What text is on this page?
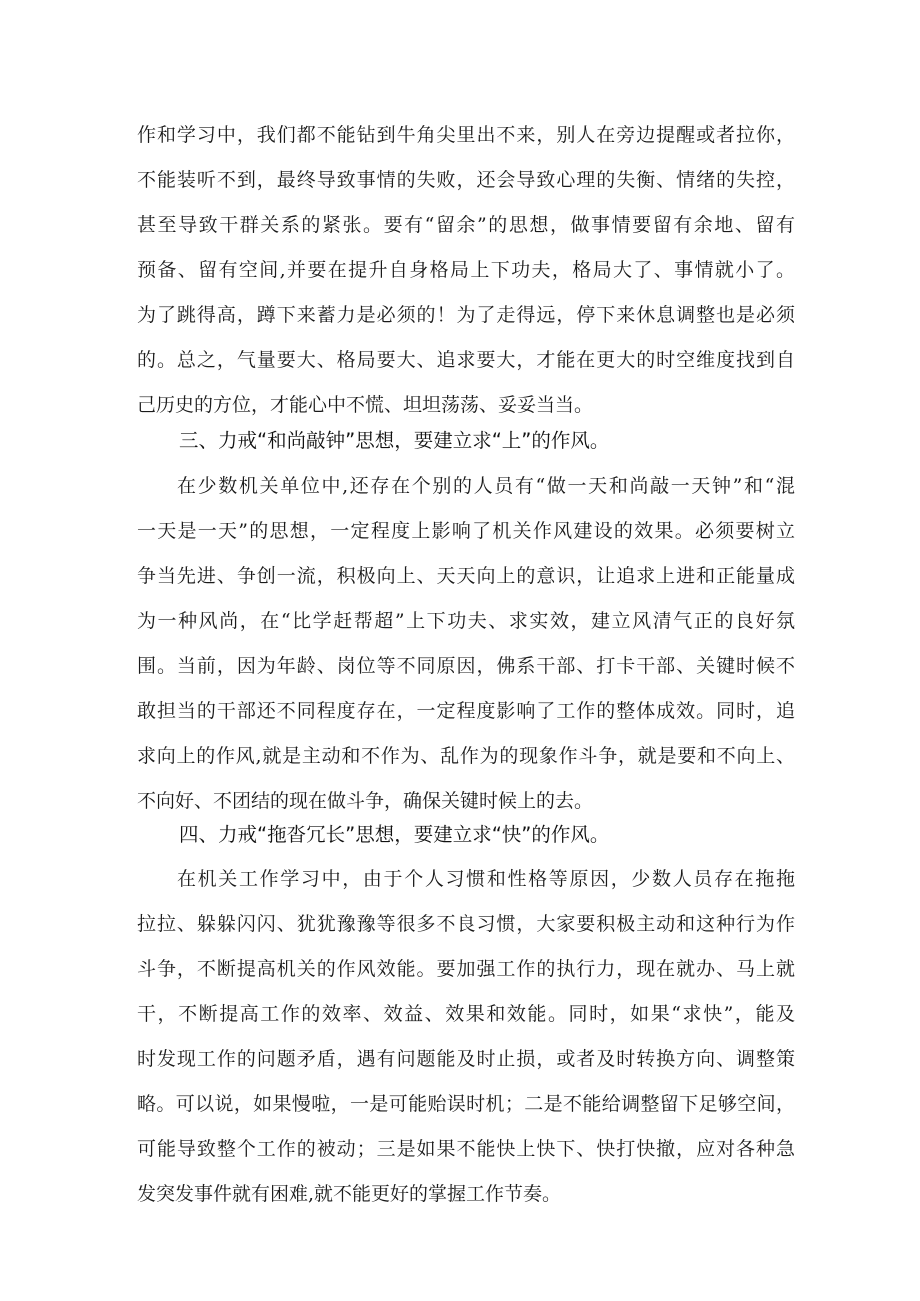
作和学习中，我们都不能钻到牛角尖里出不来，别人在旁边提醒或者拉你，
不能装听不到，最终导致事情的失败，还会导致心理的失衡、情绪的失控，
甚至导致干群关系的紧张。要有“留余”的思想，做事情要留有余地、留有
预备、留有空间,并要在提升自身格局上下功夫，格局大了、事情就小了。
为了跳得高，蹲下来蓄力是必须的！为了走得远，停下来休息调整也是必须
的。总之，气量要大、格局要大、追求要大，才能在更大的时空维度找到自
己历史的方位，才能心中不慌、坦坦荡荡、妥妥当当。
三、力戒“和尚敲钟”思想，要建立求“上”的作风。
在少数机关单位中,还存在个别的人员有“做一天和尚敲一天钟”和“混
一天是一天”的思想，一定程度上影响了机关作风建设的效果。必须要树立
争当先进、争创一流，积极向上、天天向上的意识，让追求上进和正能量成
为一种风尚，在“比学赶帮超”上下功夫、求实效，建立风清气正的良好氛
围。当前，因为年龄、岗位等不同原因，佛系干部、打卡干部、关键时候不
敢担当的干部还不同程度存在，一定程度影响了工作的整体成效。同时，追
求向上的作风,就是主动和不作为、乱作为的现象作斗争，就是要和不向上、
不向好、不团结的现在做斗争，确保关键时候上的去。
四、力戒“拖沓冗长”思想，要建立求“快”的作风。
在机关工作学习中，由于个人习惯和性格等原因，少数人员存在拖拖
拉拉、躲躲闪闪、犹犹豫豫等很多不良习惯，大家要积极主动和这种行为作
斗争，不断提高机关的作风效能。要加强工作的执行力，现在就办、马上就
干，不断提高工作的效率、效益、效果和效能。同时，如果“求快”，能及
时发现工作的问题矛盾，遇有问题能及时止损，或者及时转换方向、调整策
略。可以说，如果慢啦，一是可能贻误时机；二是不能给调整留下足够空间，
可能导致整个工作的被动；三是如果不能快上快下、快打快撤，应对各种急
发突发事件就有困难,就不能更好的掌握工作节奏。
